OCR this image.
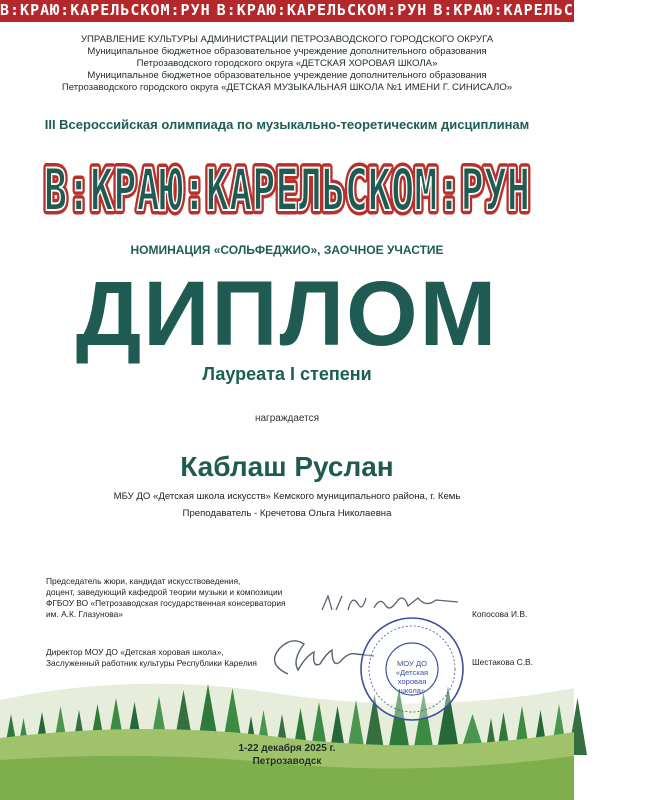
В:КРАЮ:КАРЕЛЬСКОМ:РУН В:КРАЮ:КАРЕЛЬСКОМ:РУН В:КРАЮ:КАРЕЛЬСКОМ:РУН
УПРАВЛЕНИЕ КУЛЬТУРЫ АДМИНИСТРАЦИИ ПЕТРОЗАВОДСКОГО ГОРОДСКОГО ОКРУГА
Муниципальное бюджетное образовательное учреждение дополнительного образования
Петрозаводского городского округа «ДЕТСКАЯ ХОРОВАЯ ШКОЛА»
Муниципальное бюджетное образовательное учреждение дополнительного образования
Петрозаводского городского округа «ДЕТСКАЯ МУЗЫКАЛЬНАЯ ШКОЛА №1 ИМЕНИ Г. СИНИСАЛО»
III Всероссийская олимпиада по музыкально-теоретическим дисциплинам
В:КРАЮ:КАРЕЛЬСКОМ:РУН
В:КРАЮ:КАРЕЛЬСКОМ:РУН
НОМИНАЦИЯ «СОЛЬФЕДЖИО», ЗАОЧНОЕ УЧАСТИЕ
ДИПЛОМ
Лауреата I степени
награждается
Каблаш Руслан
МБУ ДО «Детская школа искусств» Кемского муниципального района, г. Кемь
Преподаватель - Кречетова Ольга Николаевна
Председатель жюри, кандидат искусствоведения,
доцент, заведующий кафедрой теории музыки и композиции
ФГБОУ ВО «Петрозаводская государственная консерватория
им. А.К. Глазунова»	Копосова И.В.
Директор МОУ ДО «Детская хоровая школа»,
Заслуженный работник культуры Республики Карелия	Шестакова С.В.
МОУ ДО
«Детская
хоровая
школа»
1-22 декабря 2025 г.
Петрозаводск
